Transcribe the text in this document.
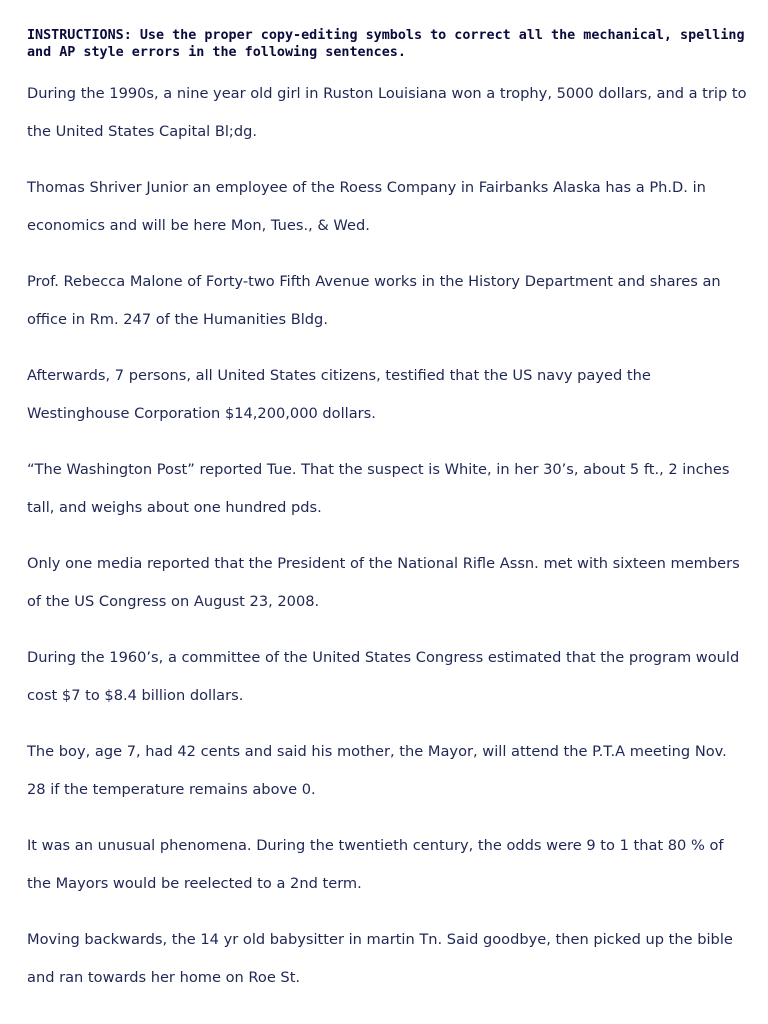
INSTRUCTIONS: Use the proper copy-editing symbols to correct all the mechanical, spelling and AP style errors in the following sentences.

During the 1990s, a nine year old girl in Ruston Louisiana won a trophy, 5000 dollars, and a trip to the United States Capital Bl;dg.

Thomas Shriver Junior an employee of the Roess Company in Fairbanks Alaska has a Ph.D. in economics and will be here Mon, Tues., & Wed.

Prof. Rebecca Malone of Forty-two Fifth Avenue works in the History Department and shares an office in Rm. 247 of the Humanities Bldg.

Afterwards, 7 persons, all United States citizens, testified that the US navy payed the Westinghouse Corporation $14,200,000 dollars.

“The Washington Post” reported Tue. That the suspect is White, in her 30’s, about 5 ft., 2 inches tall, and weighs about one hundred pds.

Only one media reported that the President of the National Rifle Assn. met with sixteen members of the US Congress on August 23, 2008.

During the 1960’s, a committee of the United States Congress estimated that the program would cost $7 to $8.4 billion dollars.

The boy, age 7, had 42 cents and said his mother, the Mayor, will attend the P.T.A meeting Nov. 28 if the temperature remains above 0.

It was an unusual phenomena. During the twentieth century, the odds were 9 to 1 that 80 % of the Mayors would be reelected to a 2nd term.

Moving backwards, the 14 yr old babysitter in martin Tn. Said goodbye, then picked up the bible and ran towards her home on Roe St.
